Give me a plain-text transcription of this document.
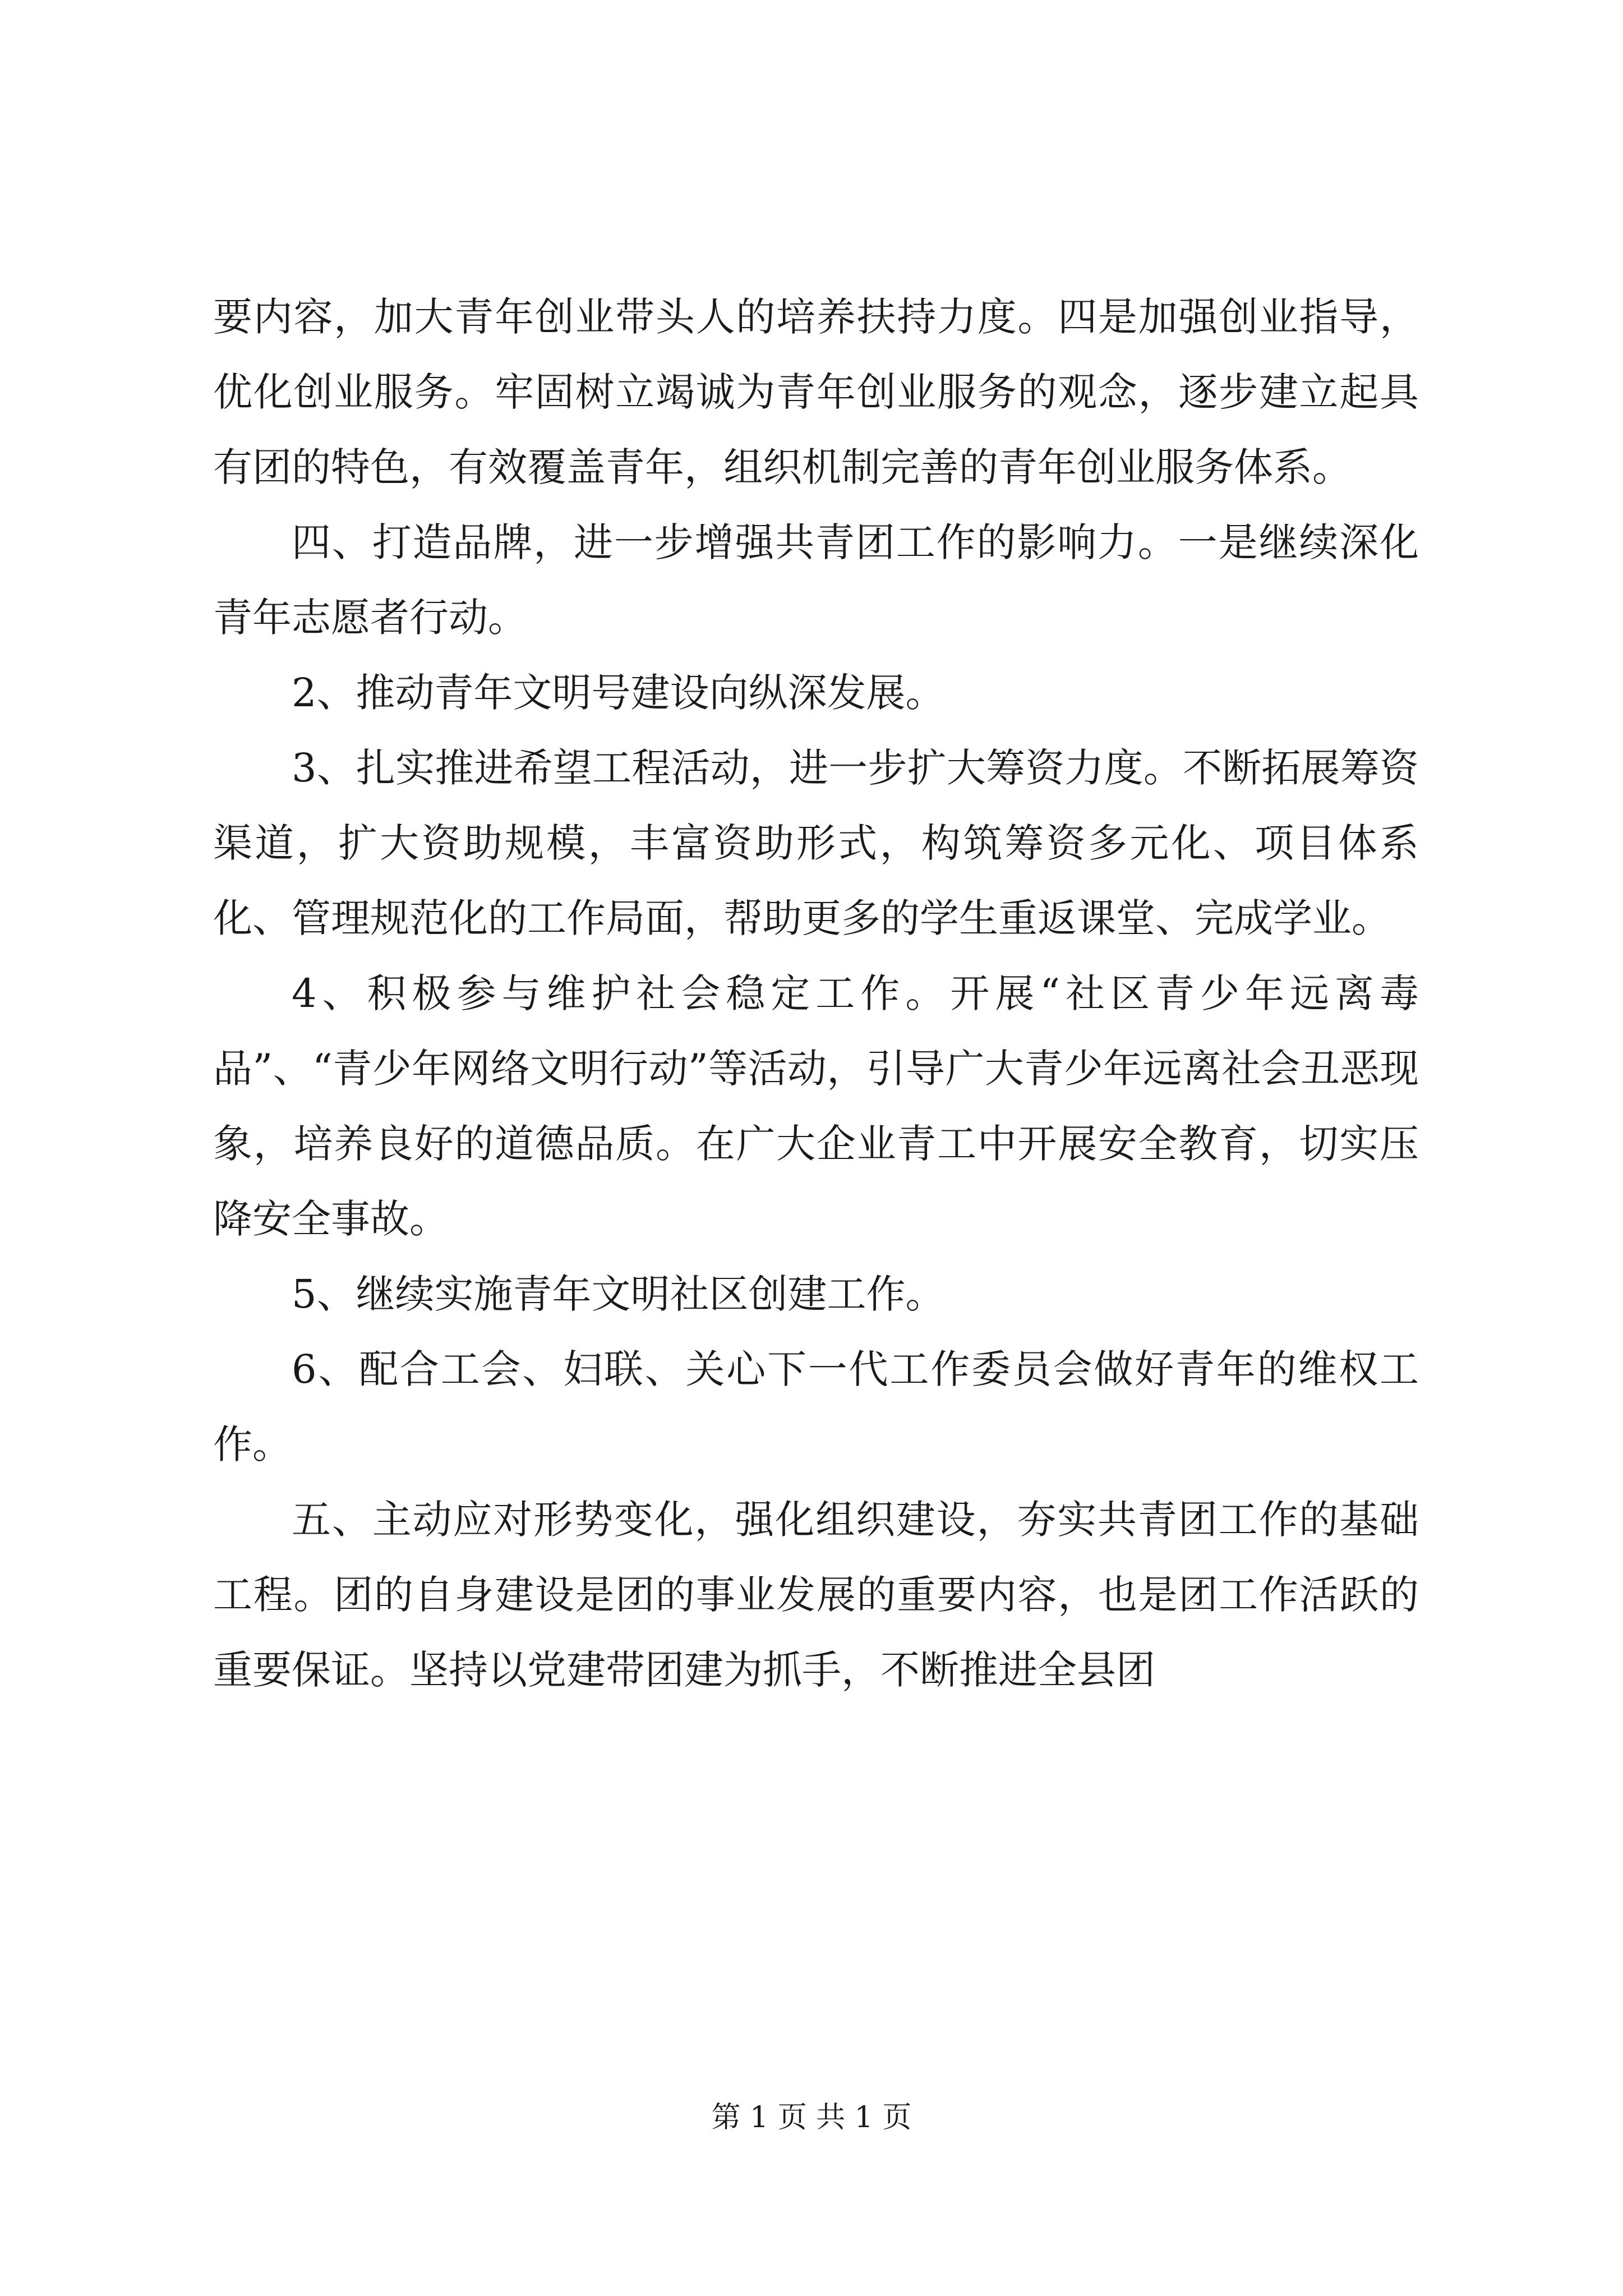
要内容，加大青年创业带头人的培养扶持力度。四是加强创业指导，优化创业服务。牢固树立竭诚为青年创业服务的观念，逐步建立起具有团的特色，有效覆盖青年，组织机制完善的青年创业服务体系。

四、打造品牌，进一步增强共青团工作的影响力。一是继续深化青年志愿者行动。

2、推动青年文明号建设向纵深发展。

3、扎实推进希望工程活动，进一步扩大筹资力度。不断拓展筹资渠道，扩大资助规模，丰富资助形式，构筑筹资多元化、项目体系化、管理规范化的工作局面，帮助更多的学生重返课堂、完成学业。

4、积极参与维护社会稳定工作。开展“社区青少年远离毒品”、“青少年网络文明行动”等活动，引导广大青少年远离社会丑恶现象，培养良好的道德品质。在广大企业青工中开展安全教育，切实压降安全事故。

5、继续实施青年文明社区创建工作。

6、配合工会、妇联、关心下一代工作委员会做好青年的维权工作。

五、主动应对形势变化，强化组织建设，夯实共青团工作的基础工程。团的自身建设是团的事业发展的重要内容，也是团工作活跃的重要保证。坚持以党建带团建为抓手，不断推进全县团

第 1 页 共 1 页
